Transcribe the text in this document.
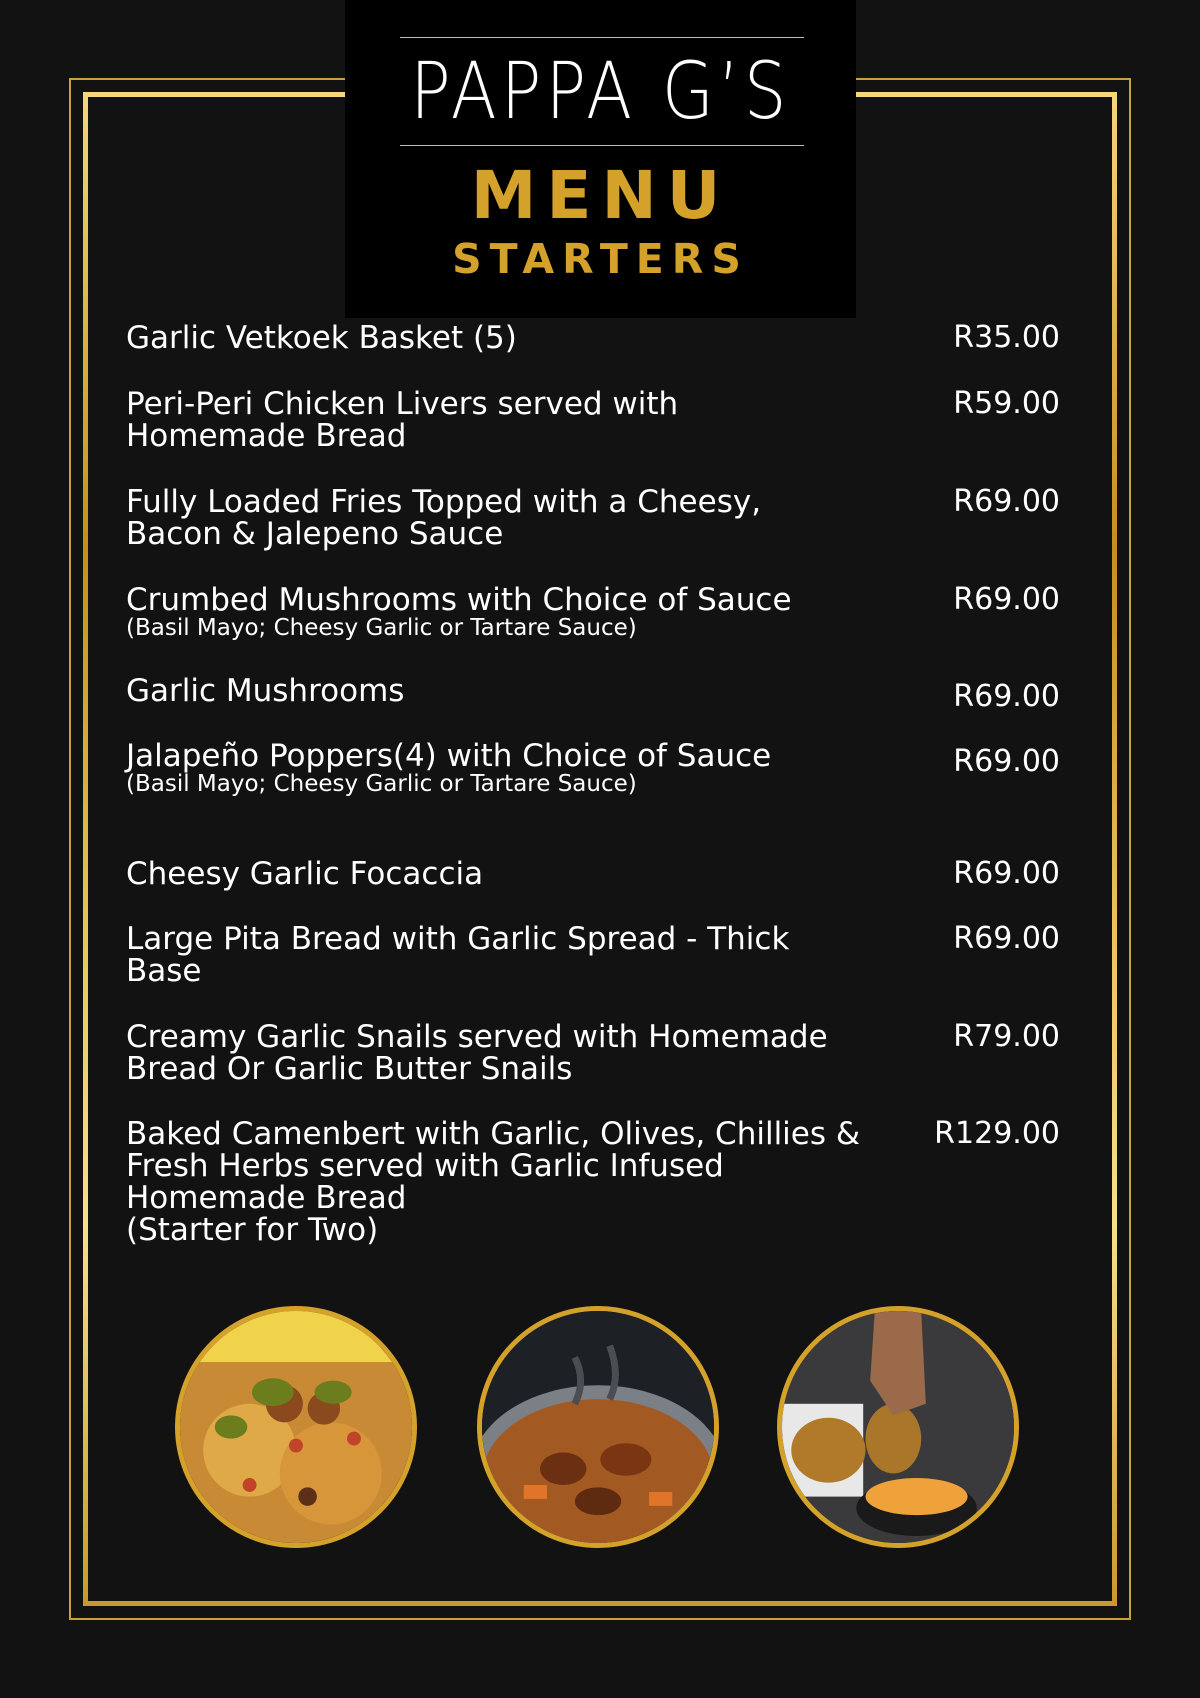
PAPPA G’S
MENU
STARTERS
Garlic Vetkoek Basket (5)	R35.00
Peri-Peri Chicken Livers served with
Homemade Bread
R59.00
Fully Loaded Fries Topped with a Cheesy,
Bacon & Jalepeno Sauce
R69.00
Crumbed Mushrooms with Choice of Sauce
(Basil Mayo; Cheesy Garlic or Tartare Sauce)
R69.00
Garlic Mushrooms	R69.00
Jalapeño Poppers(4) with Choice of Sauce
(Basil Mayo; Cheesy Garlic or Tartare Sauce)
R69.00
Cheesy Garlic Focaccia	R69.00
Large Pita Bread with Garlic Spread - Thick
Base
R69.00
Creamy Garlic Snails served with Homemade
Bread Or Garlic Butter Snails
R79.00
Baked Camenbert with Garlic, Olives, Chillies &
Fresh Herbs served with Garlic Infused
Homemade Bread
(Starter for Two)
R129.00
